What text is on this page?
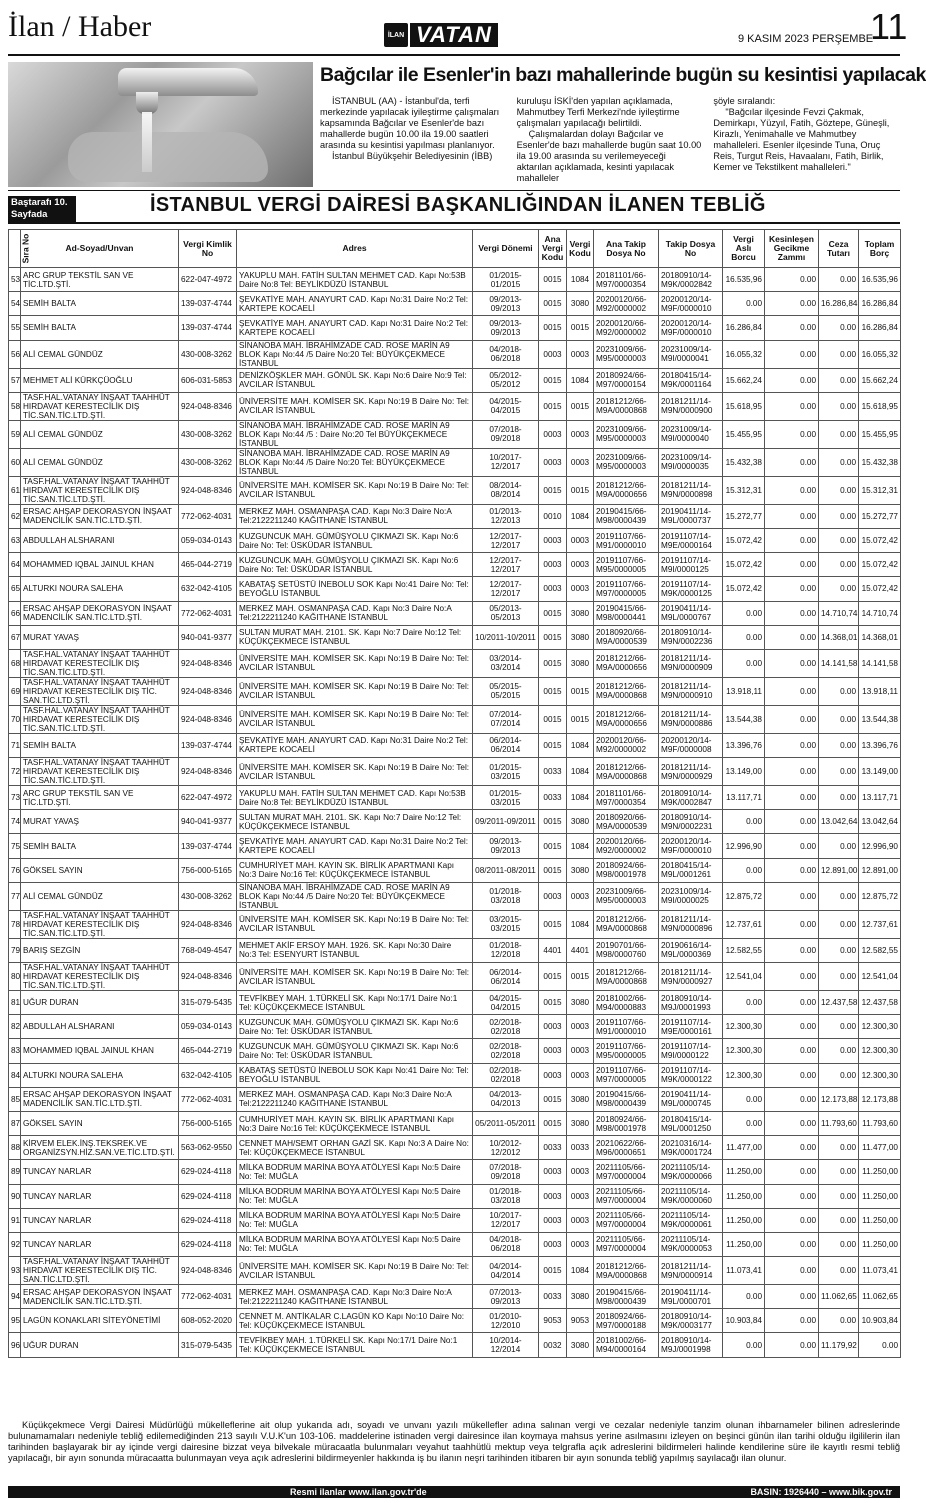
İlan / Haber	İLAN VATAN	9 KASIM 2023 PERŞEMBE
11
Bağcılar ile Esenler'in bazı mahallerinde bugün su kesintisi yapılacak

İSTANBUL (AA) - İstanbul'da, terfi merkezinde yapılacak iyileştirme çalışmaları kapsamında Bağcılar ve Esenler'de bazı mahallerde bugün 10.00 ila 19.00 saatleri arasında su kesintisi yapılması planlanıyor.

İstanbul Büyükşehir Belediyesinin (İBB)

kuruluşu İSKİ'den yapılan açıklamada, Mahmutbey Terfi Merkezi'nde iyileştirme çalışmaları yapılacağı belirtildi.

Çalışmalardan dolayı Bağcılar ve Esenler'de bazı mahallerde bugün saat 10.00 ila 19.00 arasında su verilemeyeceği aktarılan açıklamada, kesinti yapılacak mahalleler

şöyle sıralandı:

"Bağcılar ilçesinde Fevzi Çakmak, Demirkapı, Yüzyıl, Fatih, Göztepe, Güneşli, Kirazlı, Yenimahalle ve Mahmutbey mahalleleri. Esenler ilçesinde Tuna, Oruç Reis, Turgut Reis, Havaalanı, Fatih, Birlik, Kemer ve Tekstilkent mahalleleri."

Baştarafı 10. Sayfada	İSTANBUL VERGİ DAİRESİ BAŞKANLIĞINDAN İLANEN TEBLİĞ
Sıra No	Ad-Soyad/Unvan	Vergi Kimlik No	Adres	Vergi Dönemi	Ana Vergi Kodu	Vergi Kodu	Ana Takip Dosya No	Takip Dosya No	Vergi Aslı Borcu	Kesinleşen Gecikme Zammı	Ceza Tutarı	Toplam Borç
53	ARC GRUP TEKSTİL SAN VE TİC.LTD.ŞTİ.	622-047-4972	YAKUPLU MAH. FATİH SULTAN MEHMET CAD. Kapı No:53B Daire No:8 Tel: BEYLİKDÜZÜ İSTANBUL	01/2015-01/2015	0015	1084	20181101/66-M97/0000354	20180910/14-M9K/0002842	16.535,96	0.00	0.00	16.535,96
54	SEMİH BALTA	139-037-4744	ŞEVKATİYE MAH. ANAYURT CAD. Kapı No:31 Daire No:2 Tel: KARTEPE KOCAELİ	09/2013-09/2013	0015	3080	20200120/66-M92/0000002	20200120/14-M9F/0000010	0.00	0.00	16.286,84	16.286,84
55	SEMİH BALTA	139-037-4744	ŞEVKATİYE MAH. ANAYURT CAD. Kapı No:31 Daire No:2 Tel: KARTEPE KOCAELİ	09/2013-09/2013	0015	0015	20200120/66-M92/0000002	20200120/14-M9F/0000010	16.286,84	0.00	0.00	16.286,84
56	ALİ CEMAL GÜNDÜZ	430-008-3262	SİNANOBA MAH. İBRAHİMZADE CAD. ROSE MARİN A9 BLOK Kapı No:44 /5 Daire No:20 Tel: BÜYÜKÇEKMECE İSTANBUL	04/2018-06/2018	0003	0003	20231009/66-M95/0000003	20231009/14-M9I/0000041	16.055,32	0.00	0.00	16.055,32
57	MEHMET ALİ KÜRKÇÜOĞLU	606-031-5853	DENİZKÖŞKLER MAH. GÖNÜL SK. Kapı No:6 Daire No:9 Tel: AVCILAR İSTANBUL	05/2012-05/2012	0015	1084	20180924/66-M97/0000154	20180415/14-M9K/0001164	15.662,24	0.00	0.00	15.662,24
58	TASF.HAL.VATANAY İNŞAAT TAAHHÜT HIRDAVAT KERESTECİLİK DIŞ TİC.SAN.TİC.LTD.ŞTİ.	924-048-8346	ÜNİVERSİTE MAH. KOMİSER SK. Kapı No:19 B Daire No: Tel: AVCILAR İSTANBUL	04/2015-04/2015	0015	0015	20181212/66-M9A/0000868	20181211/14-M9N/0000900	15.618,95	0.00	0.00	15.618,95
59	ALİ CEMAL GÜNDÜZ	430-008-3262	SİNANOBA MAH. İBRAHİMZADE CAD. ROSE MARİN A9 BLOK Kapı No:44 /5 : Daire No:20 Tel BÜYÜKÇEKMECE İSTANBUL	07/2018-09/2018	0003	0003	20231009/66-M95/0000003	20231009/14-M9I/0000040	15.455,95	0.00	0.00	15.455,95
60	ALİ CEMAL GÜNDÜZ	430-008-3262	SİNANOBA MAH. İBRAHİMZADE CAD. ROSE MARİN A9 BLOK Kapı No:44 /5 Daire No:20 Tel: BÜYÜKÇEKMECE İSTANBUL	10/2017-12/2017	0003	0003	20231009/66-M95/0000003	20231009/14-M9I/0000035	15.432,38	0.00	0.00	15.432,38
61	TASF.HAL.VATANAY İNŞAAT TAAHHÜT HIRDAVAT KERESTECİLİK DIŞ TİC.SAN.TİC.LTD.ŞTİ.	924-048-8346	ÜNİVERSİTE MAH. KOMİSER SK. Kapı No:19 B Daire No: Tel: AVCILAR İSTANBUL	08/2014-08/2014	0015	0015	20181212/66-M9A/0000656	20181211/14-M9N/0000898	15.312,31	0.00	0.00	15.312,31
62	ERSAC AHŞAP DEKORASYON İNŞAAT MADENCİLİK SAN.TİC.LTD.ŞTİ.	772-062-4031	MERKEZ MAH. OSMANPAŞA CAD. Kapı No:3 Daire No:A Tel:2122211240 KAĞITHANE İSTANBUL	01/2013-12/2013	0010	1084	20190415/66-M98/0000439	20190411/14-M9L/0000737	15.272,77	0.00	0.00	15.272,77
63	ABDULLAH ALSHARANI	059-034-0143	KUZGUNCUK MAH. GÜMÜŞYOLU ÇIKMAZI SK. Kapı No:6 Daire No: Tel: ÜSKÜDAR İSTANBUL	12/2017-12/2017	0003	0003	20191107/66-M91/0000010	20191107/14-M9E/0000164	15.072,42	0.00	0.00	15.072,42
64	MOHAMMED IQBAL JAINUL KHAN	465-044-2719	KUZGUNCUK MAH. GÜMÜŞYOLU ÇIKMAZI SK. Kapı No:6 Daire No: Tel: ÜSKÜDAR İSTANBUL	12/2017-12/2017	0003	0003	20191107/66-M95/0000005	20191107/14-M9I/0000125	15.072,42	0.00	0.00	15.072,42
65	ALTURKI NOURA SALEHA	632-042-4105	KABATAŞ SETÜSTÜ İNEBOLU SOK Kapı No:41 Daire No: Tel: BEYOĞLU İSTANBUL	12/2017-12/2017	0003	0003	20191107/66-M97/0000005	20191107/14-M9K/0000125	15.072,42	0.00	0.00	15.072,42
66	ERSAC AHŞAP DEKORASYON İNŞAAT MADENCİLİK SAN.TİC.LTD.ŞTİ.	772-062-4031	MERKEZ MAH. OSMANPAŞA CAD. Kapı No:3 Daire No:A Tel:2122211240 KAĞITHANE İSTANBUL	05/2013-05/2013	0015	3080	20190415/66-M98/0000441	20190411/14-M9L/0000767	0.00	0.00	14.710,74	14.710,74
67	MURAT YAVAŞ	940-041-9377	SULTAN MURAT MAH. 2101. SK. Kapı No:7 Daire No:12 Tel: KÜÇÜKÇEKMECE İSTANBUL	10/2011-10/2011	0015	3080	20180920/66-M9A/0000539	20180910/14-M9N/0002236	0.00	0.00	14.368,01	14.368,01
68	TASF.HAL.VATANAY İNŞAAT TAAHHÜT HIRDAVAT KERESTECİLİK DIŞ TİC.SAN.TİC.LTD.ŞTİ.	924-048-8346	ÜNİVERSİTE MAH. KOMİSER SK. Kapı No:19 B Daire No: Tel: AVCILAR İSTANBUL	03/2014-03/2014	0015	3080	20181212/66-M9A/0000656	20181211/14-M9N/0000909	0.00	0.00	14.141,58	14.141,58
69	TASF.HAL.VATANAY İNŞAAT TAAHHÜT HIRDAVAT KERESTECİLİK DIŞ TİC. SAN.TİC.LTD.ŞTİ.	924-048-8346	ÜNİVERSİTE MAH. KOMİSER SK. Kapı No:19 B Daire No: Tel: AVCILAR İSTANBUL	05/2015-05/2015	0015	0015	20181212/66-M9A/0000868	20181211/14-M9N/0000910	13.918,11	0.00	0.00	13.918,11
70	TASF.HAL.VATANAY İNŞAAT TAAHHÜT HIRDAVAT KERESTECİLİK DIŞ TİC.SAN.TİC.LTD.ŞTİ.	924-048-8346	ÜNİVERSİTE MAH. KOMİSER SK. Kapı No:19 B Daire No: Tel: AVCILAR İSTANBUL	07/2014-07/2014	0015	0015	20181212/66-M9A/0000656	20181211/14-M9N/0000886	13.544,38	0.00	0.00	13.544,38
71	SEMİH BALTA	139-037-4744	ŞEVKATİYE MAH. ANAYURT CAD. Kapı No:31 Daire No:2 Tel: KARTEPE KOCAELİ	06/2014-06/2014	0015	1084	20200120/66-M92/0000002	20200120/14-M9F/0000008	13.396,76	0.00	0.00	13.396,76
72	TASF.HAL.VATANAY İNŞAAT TAAHHÜT HIRDAVAT KERESTECİLİK DIŞ TİC.SAN.TİC.LTD.ŞTİ.	924-048-8346	ÜNİVERSİTE MAH. KOMİSER SK. Kapı No:19 B Daire No: Tel: AVCILAR İSTANBUL	01/2015-03/2015	0033	1084	20181212/66-M9A/0000868	20181211/14-M9N/0000929	13.149,00	0.00	0.00	13.149,00
73	ARC GRUP TEKSTİL SAN VE TİC.LTD.ŞTİ.	622-047-4972	YAKUPLU MAH. FATİH SULTAN MEHMET CAD. Kapı No:53B Daire No:8 Tel: BEYLİKDÜZÜ İSTANBUL	01/2015-03/2015	0033	1084	20181101/66-M97/0000354	20180910/14-M9K/0002847	13.117,71	0.00	0.00	13.117,71
74	MURAT YAVAŞ	940-041-9377	SULTAN MURAT MAH. 2101. SK. Kapı No:7 Daire No:12 Tel: KÜÇÜKÇEKMECE İSTANBUL	09/2011-09/2011	0015	3080	20180920/66-M9A/0000539	20180910/14-M9N/0002231	0.00	0.00	13.042,64	13.042,64
75	SEMİH BALTA	139-037-4744	ŞEVKATİYE MAH. ANAYURT CAD. Kapı No:31 Daire No:2 Tel: KARTEPE KOCAELİ	09/2013-09/2013	0015	1084	20200120/66-M92/0000002	20200120/14-M9F/0000010	12.996,90	0.00	0.00	12.996,90
76	GÖKSEL SAYIN	756-000-5165	CUMHURİYET MAH. KAYIN SK. BİRLİK APARTMANI Kapı No:3 Daire No:16 Tel: KÜÇÜKÇEKMECE İSTANBUL	08/2011-08/2011	0015	3080	20180924/66-M98/0001978	20180415/14-M9L/0001261	0.00	0.00	12.891,00	12.891,00
77	ALİ CEMAL GÜNDÜZ	430-008-3262	SİNANOBA MAH. İBRAHİMZADE CAD. ROSE MARİN A9 BLOK Kapı No:44 /5 Daire No:20 Tel: BÜYÜKÇEKMECE İSTANBUL	01/2018-03/2018	0003	0003	20231009/66-M95/0000003	20231009/14-M9I/0000025	12.875,72	0.00	0.00	12.875,72
78	TASF.HAL.VATANAY İNŞAAT TAAHHÜT HIRDAVAT KERESTECİLİK DIŞ TİC.SAN.TİC.LTD.ŞTİ.	924-048-8346	ÜNİVERSİTE MAH. KOMİSER SK. Kapı No:19 B Daire No: Tel: AVCILAR İSTANBUL	03/2015-03/2015	0015	1084	20181212/66-M9A/0000868	20181211/14-M9N/0000896	12.737,61	0.00	0.00	12.737,61
79	BARIŞ SEZGİN	768-049-4547	MEHMET AKİF ERSOY MAH. 1926. SK. Kapı No:30 Daire No:3 Tel: ESENYURT İSTANBUL	01/2018-12/2018	4401	4401	20190701/66-M98/0000760	20190616/14-M9L/0000369	12.582,55	0.00	0.00	12.582,55
80	TASF.HAL.VATANAY İNŞAAT TAAHHÜT HIRDAVAT KERESTECİLİK DIŞ TİC.SAN.TİC.LTD.ŞTİ.	924-048-8346	ÜNİVERSİTE MAH. KOMİSER SK. Kapı No:19 B Daire No: Tel: AVCILAR İSTANBUL	06/2014-06/2014	0015	0015	20181212/66-M9A/0000868	20181211/14-M9N/0000927	12.541,04	0.00	0.00	12.541,04
81	UĞUR DURAN	315-079-5435	TEVFİKBEY MAH. 1.TÜRKELİ SK. Kapı No:17/1 Daire No:1 Tel: KÜÇÜKÇEKMECE İSTANBUL	04/2015-04/2015	0015	3080	20181002/66-M94/0000883	20180910/14-M9J/0001993	0.00	0.00	12.437,58	12.437,58
82	ABDULLAH ALSHARANI	059-034-0143	KUZGUNCUK MAH. GÜMÜŞYOLU ÇIKMAZI SK. Kapı No:6 Daire No: Tel: ÜSKÜDAR İSTANBUL	02/2018-02/2018	0003	0003	20191107/66-M91/0000010	20191107/14-M9E/0000161	12.300,30	0.00	0.00	12.300,30
83	MOHAMMED IQBAL JAINUL KHAN	465-044-2719	KUZGUNCUK MAH. GÜMÜŞYOLU ÇIKMAZI SK. Kapı No:6 Daire No: Tel: ÜSKÜDAR İSTANBUL	02/2018-02/2018	0003	0003	20191107/66-M95/0000005	20191107/14-M9I/0000122	12.300,30	0.00	0.00	12.300,30
84	ALTURKI NOURA SALEHA	632-042-4105	KABATAŞ SETÜSTÜ İNEBOLU SOK Kapı No:41 Daire No: Tel: BEYOĞLU İSTANBUL	02/2018-02/2018	0003	0003	20191107/66-M97/0000005	20191107/14-M9K/0000122	12.300,30	0.00	0.00	12.300,30
85	ERSAC AHŞAP DEKORASYON İNŞAAT MADENCİLİK SAN.TİC.LTD.ŞTİ.	772-062-4031	MERKEZ MAH. OSMANPAŞA CAD. Kapı No:3 Daire No:A Tel:2122211240 KAĞITHANE İSTANBUL	04/2013-04/2013	0015	3080	20190415/66-M98/0000439	20190411/14-M9L/0000745	0.00	0.00	12.173,88	12.173,88
87	GÖKSEL SAYIN	756-000-5165	CUMHURİYET MAH. KAYIN SK. BİRLİK APARTMANI Kapı No:3 Daire No:16 Tel: KÜÇÜKÇEKMECE İSTANBUL	05/2011-05/2011	0015	3080	20180924/66-M98/0001978	20180415/14-M9L/0001250	0.00	0.00	11.793,60	11.793,60
88	KİRVEM ELEK.İNŞ.TEKSREK.VE ORGANİZSYN.HİZ.SAN.VE.TİC.LTD.ŞTİ.	563-062-9550	CENNET MAH/SEMT ORHAN GAZİ SK. Kapı No:3 A Daire No: Tel: KÜÇÜKÇEKMECE İSTANBUL	10/2012-12/2012	0033	0033	20210622/66-M96/0000651	20210316/14-M9K/0001724	11.477,00	0.00	0.00	11.477,00
89	TUNCAY NARLAR	629-024-4118	MİLKA BODRUM MARİNA BOYA ATÖLYESİ Kapı No:5 Daire No: Tel: MUĞLA	07/2018-09/2018	0003	0003	20211105/66-M97/0000004	20211105/14-M9K/0000066	11.250,00	0.00	0.00	11.250,00
90	TUNCAY NARLAR	629-024-4118	MİLKA BODRUM MARİNA BOYA ATÖLYESİ Kapı No:5 Daire No: Tel: MUĞLA	01/2018-03/2018	0003	0003	20211105/66-M97/0000004	20211105/14-M9K/0000060	11.250,00	0.00	0.00	11.250,00
91	TUNCAY NARLAR	629-024-4118	MİLKA BODRUM MARİNA BOYA ATÖLYESİ Kapı No:5 Daire No: Tel: MUĞLA	10/2017-12/2017	0003	0003	20211105/66-M97/0000004	20211105/14-M9K/0000061	11.250,00	0.00	0.00	11.250,00
92	TUNCAY NARLAR	629-024-4118	MİLKA BODRUM MARİNA BOYA ATÖLYESİ Kapı No:5 Daire No: Tel: MUĞLA	04/2018-06/2018	0003	0003	20211105/66-M97/0000004	20211105/14-M9K/0000053	11.250,00	0.00	0.00	11.250,00
93	TASF.HAL.VATANAY İNŞAAT TAAHHÜT HIRDAVAT KERESTECİLİK DIŞ TİC. SAN.TİC.LTD.ŞTİ.	924-048-8346	ÜNİVERSİTE MAH. KOMİSER SK. Kapı No:19 B Daire No: Tel: AVCILAR İSTANBUL	04/2014-04/2014	0015	1084	20181212/66-M9A/0000868	20181211/14-M9N/0000914	11.073,41	0.00	0.00	11.073,41
94	ERSAC AHŞAP DEKORASYON İNŞAAT MADENCİLİK SAN.TİC.LTD.ŞTİ.	772-062-4031	MERKEZ MAH. OSMANPAŞA CAD. Kapı No:3 Daire No:A Tel:2122211240 KAĞITHANE İSTANBUL	07/2013-09/2013	0033	3080	20190415/66-M98/0000439	20190411/14-M9L/0000701	0.00	0.00	11.062,65	11.062,65
95	LAGÜN KONAKLARI SİTEYÖNETİMİ	608-052-2020	CENNET M. ANTİKALAR C.LAGÜN KO Kapı No:10 Daire No: Tel: KÜÇÜKÇEKMECE İSTANBUL	01/2010-12/2010	9053	9053	20180924/66-M97/0000188	20180910/14-M9K/0003177	10.903,84	0.00	0.00	10.903,84
96	UĞUR DURAN	315-079-5435	TEVFİKBEY MAH. 1.TÜRKELİ SK. Kapı No:17/1 Daire No:1 Tel: KÜÇÜKÇEKMECE İSTANBUL	10/2014-12/2014	0032	3080	20181002/66-M94/0000164	20180910/14-M9J/0001998	0.00	0.00	11.179,92	0.00
Küçükçekmece Vergi Dairesi Müdürlüğü mükelleflerine ait olup yukarıda adı, soyadı ve unvanı yazılı mükellefler adına salınan vergi ve cezalar nedeniyle tanzim olunan ihbarnameler bilinen adreslerinde bulunamamaları nedeniyle tebliğ edilemediğinden 213 sayılı V.U.K'un 103-106. maddelerine istinaden vergi dairesince ilan koymaya mahsus yerine asılmasını izleyen on beşinci günün ilan tarihi olduğu ilgililerin ilan tarihinden başlayarak bir ay içinde vergi dairesine bizzat veya bilvekale müracaatla bulunmaları veyahut taahhütlü mektup veya telgrafla açık adreslerini bildirmeleri halinde kendilerine süre ile kayıtlı resmi tebliğ yapılacağı, bir ayın sonunda müracaatta bulunmayan veya açık adreslerini bildirmeyenler hakkında iş bu ilanın neşri tarihinden itibaren bir ayın sonunda tebliğ yapılmış sayılacağı ilan olunur.
Resmi ilanlar www.ilan.gov.tr'de	BASIN: 1926440 – www.bik.gov.tr
